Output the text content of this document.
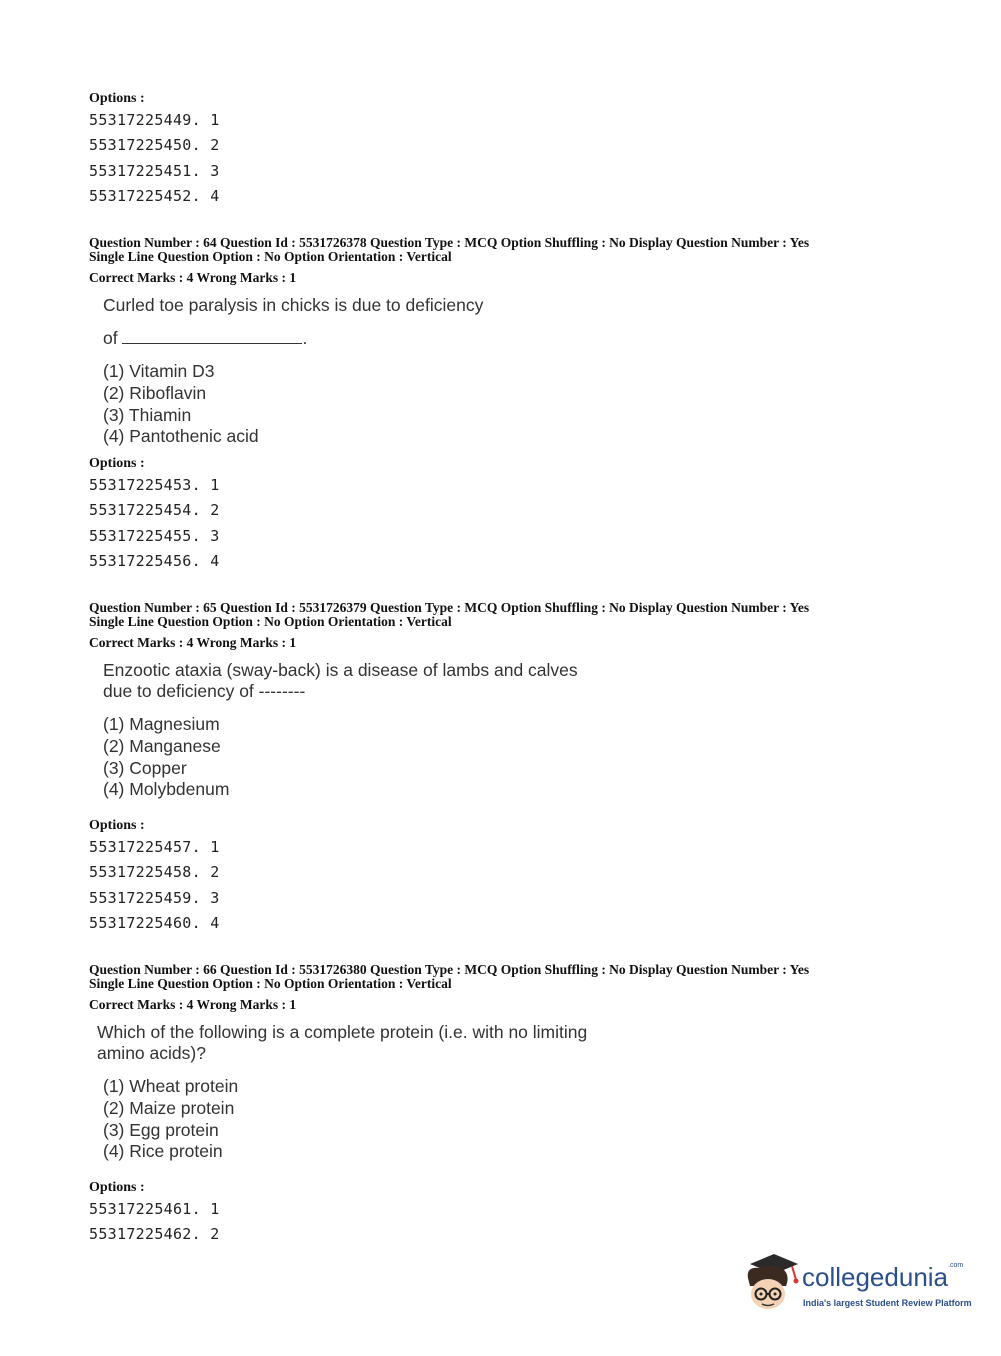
Options :
55317225449. 1
55317225450. 2
55317225451. 3
55317225452. 4
Question Number : 64 Question Id : 5531726378 Question Type : MCQ Option Shuffling : No Display Question Number : Yes
Single Line Question Option : No Option Orientation : Vertical
Correct Marks : 4 Wrong Marks : 1
Curled toe paralysis in chicks is due to deficiency
of	.
(1) Vitamin D3
(2) Riboflavin
(3) Thiamin
(4) Pantothenic acid
Options :
55317225453. 1
55317225454. 2
55317225455. 3
55317225456. 4
Question Number : 65 Question Id : 5531726379 Question Type : MCQ Option Shuffling : No Display Question Number : Yes
Single Line Question Option : No Option Orientation : Vertical
Correct Marks : 4 Wrong Marks : 1
Enzootic ataxia (sway-back) is a disease of lambs and calves
due to deficiency of --------
(1) Magnesium
(2) Manganese
(3) Copper
(4) Molybdenum
Options :
55317225457. 1
55317225458. 2
55317225459. 3
55317225460. 4
Question Number : 66 Question Id : 5531726380 Question Type : MCQ Option Shuffling : No Display Question Number : Yes
Single Line Question Option : No Option Orientation : Vertical
Correct Marks : 4 Wrong Marks : 1
Which of the following is a complete protein (i.e. with no limiting
amino acids)?
(1) Wheat protein
(2) Maize protein
(3) Egg protein
(4) Rice protein
Options :
55317225461. 1
55317225462. 2
collegedunia$^{.com}$
India's largest Student Review Platform
